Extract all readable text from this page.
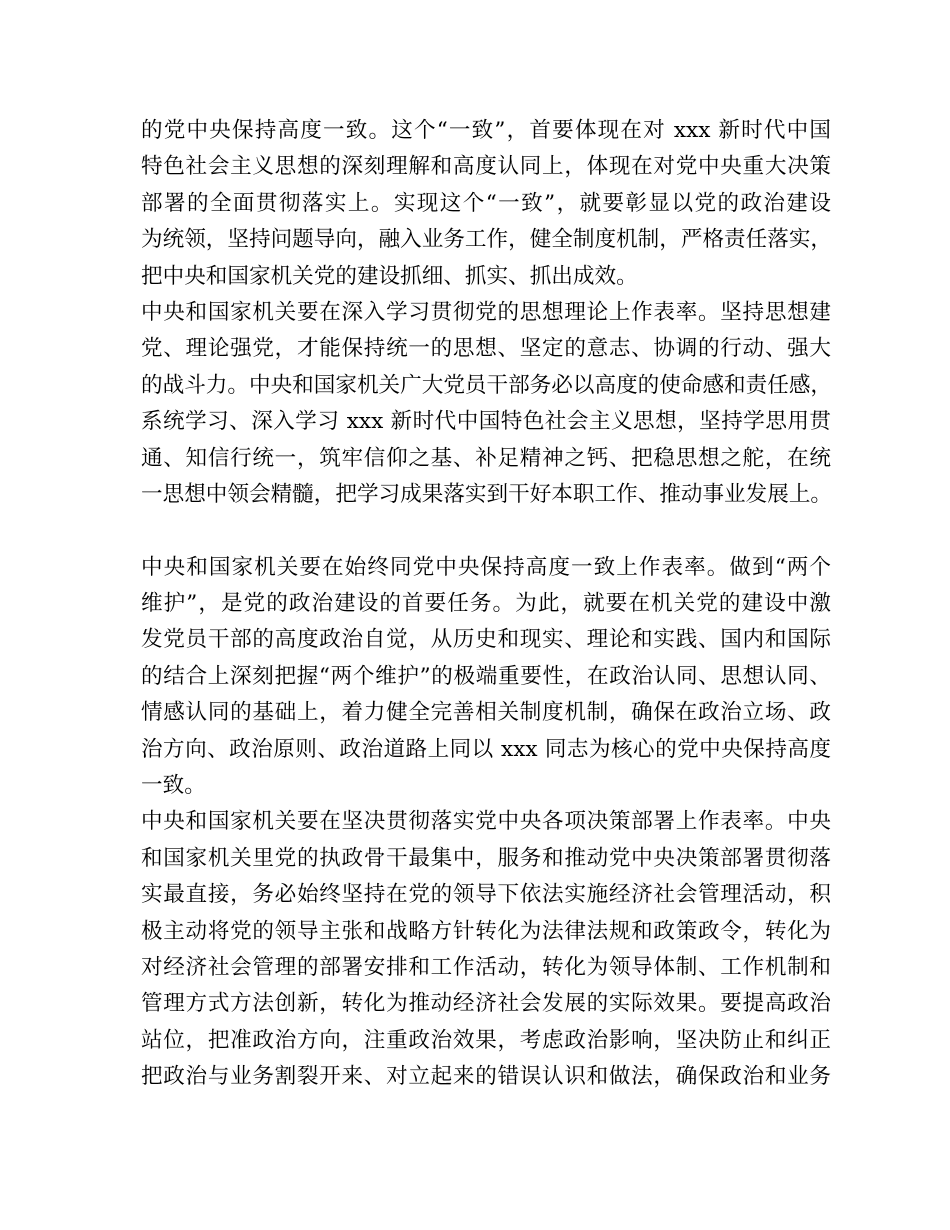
的党中央保持高度一致。这个“一致”，首要体现在对 xxx 新时代中国
特色社会主义思想的深刻理解和高度认同上，体现在对党中央重大决策
部署的全面贯彻落实上。实现这个“一致”，就要彰显以党的政治建设
为统领，坚持问题导向，融入业务工作，健全制度机制，严格责任落实，
把中央和国家机关党的建设抓细、抓实、抓出成效。
中央和国家机关要在深入学习贯彻党的思想理论上作表率。坚持思想建
党、理论强党，才能保持统一的思想、坚定的意志、协调的行动、强大
的战斗力。中央和国家机关广大党员干部务必以高度的使命感和责任感，
系统学习、深入学习 xxx 新时代中国特色社会主义思想，坚持学思用贯
通、知信行统一，筑牢信仰之基、补足精神之钙、把稳思想之舵，在统
一思想中领会精髓，把学习成果落实到干好本职工作、推动事业发展上。
中央和国家机关要在始终同党中央保持高度一致上作表率。做到“两个
维护”，是党的政治建设的首要任务。为此，就要在机关党的建设中激
发党员干部的高度政治自觉，从历史和现实、理论和实践、国内和国际
的结合上深刻把握“两个维护”的极端重要性，在政治认同、思想认同、
情感认同的基础上，着力健全完善相关制度机制，确保在政治立场、政
治方向、政治原则、政治道路上同以 xxx 同志为核心的党中央保持高度
一致。
中央和国家机关要在坚决贯彻落实党中央各项决策部署上作表率。中央
和国家机关里党的执政骨干最集中，服务和推动党中央决策部署贯彻落
实最直接，务必始终坚持在党的领导下依法实施经济社会管理活动，积
极主动将党的领导主张和战略方针转化为法律法规和政策政令，转化为
对经济社会管理的部署安排和工作活动，转化为领导体制、工作机制和
管理方式方法创新，转化为推动经济社会发展的实际效果。要提高政治
站位，把准政治方向，注重政治效果，考虑政治影响，坚决防止和纠正
把政治与业务割裂开来、对立起来的错误认识和做法，确保政治和业务
